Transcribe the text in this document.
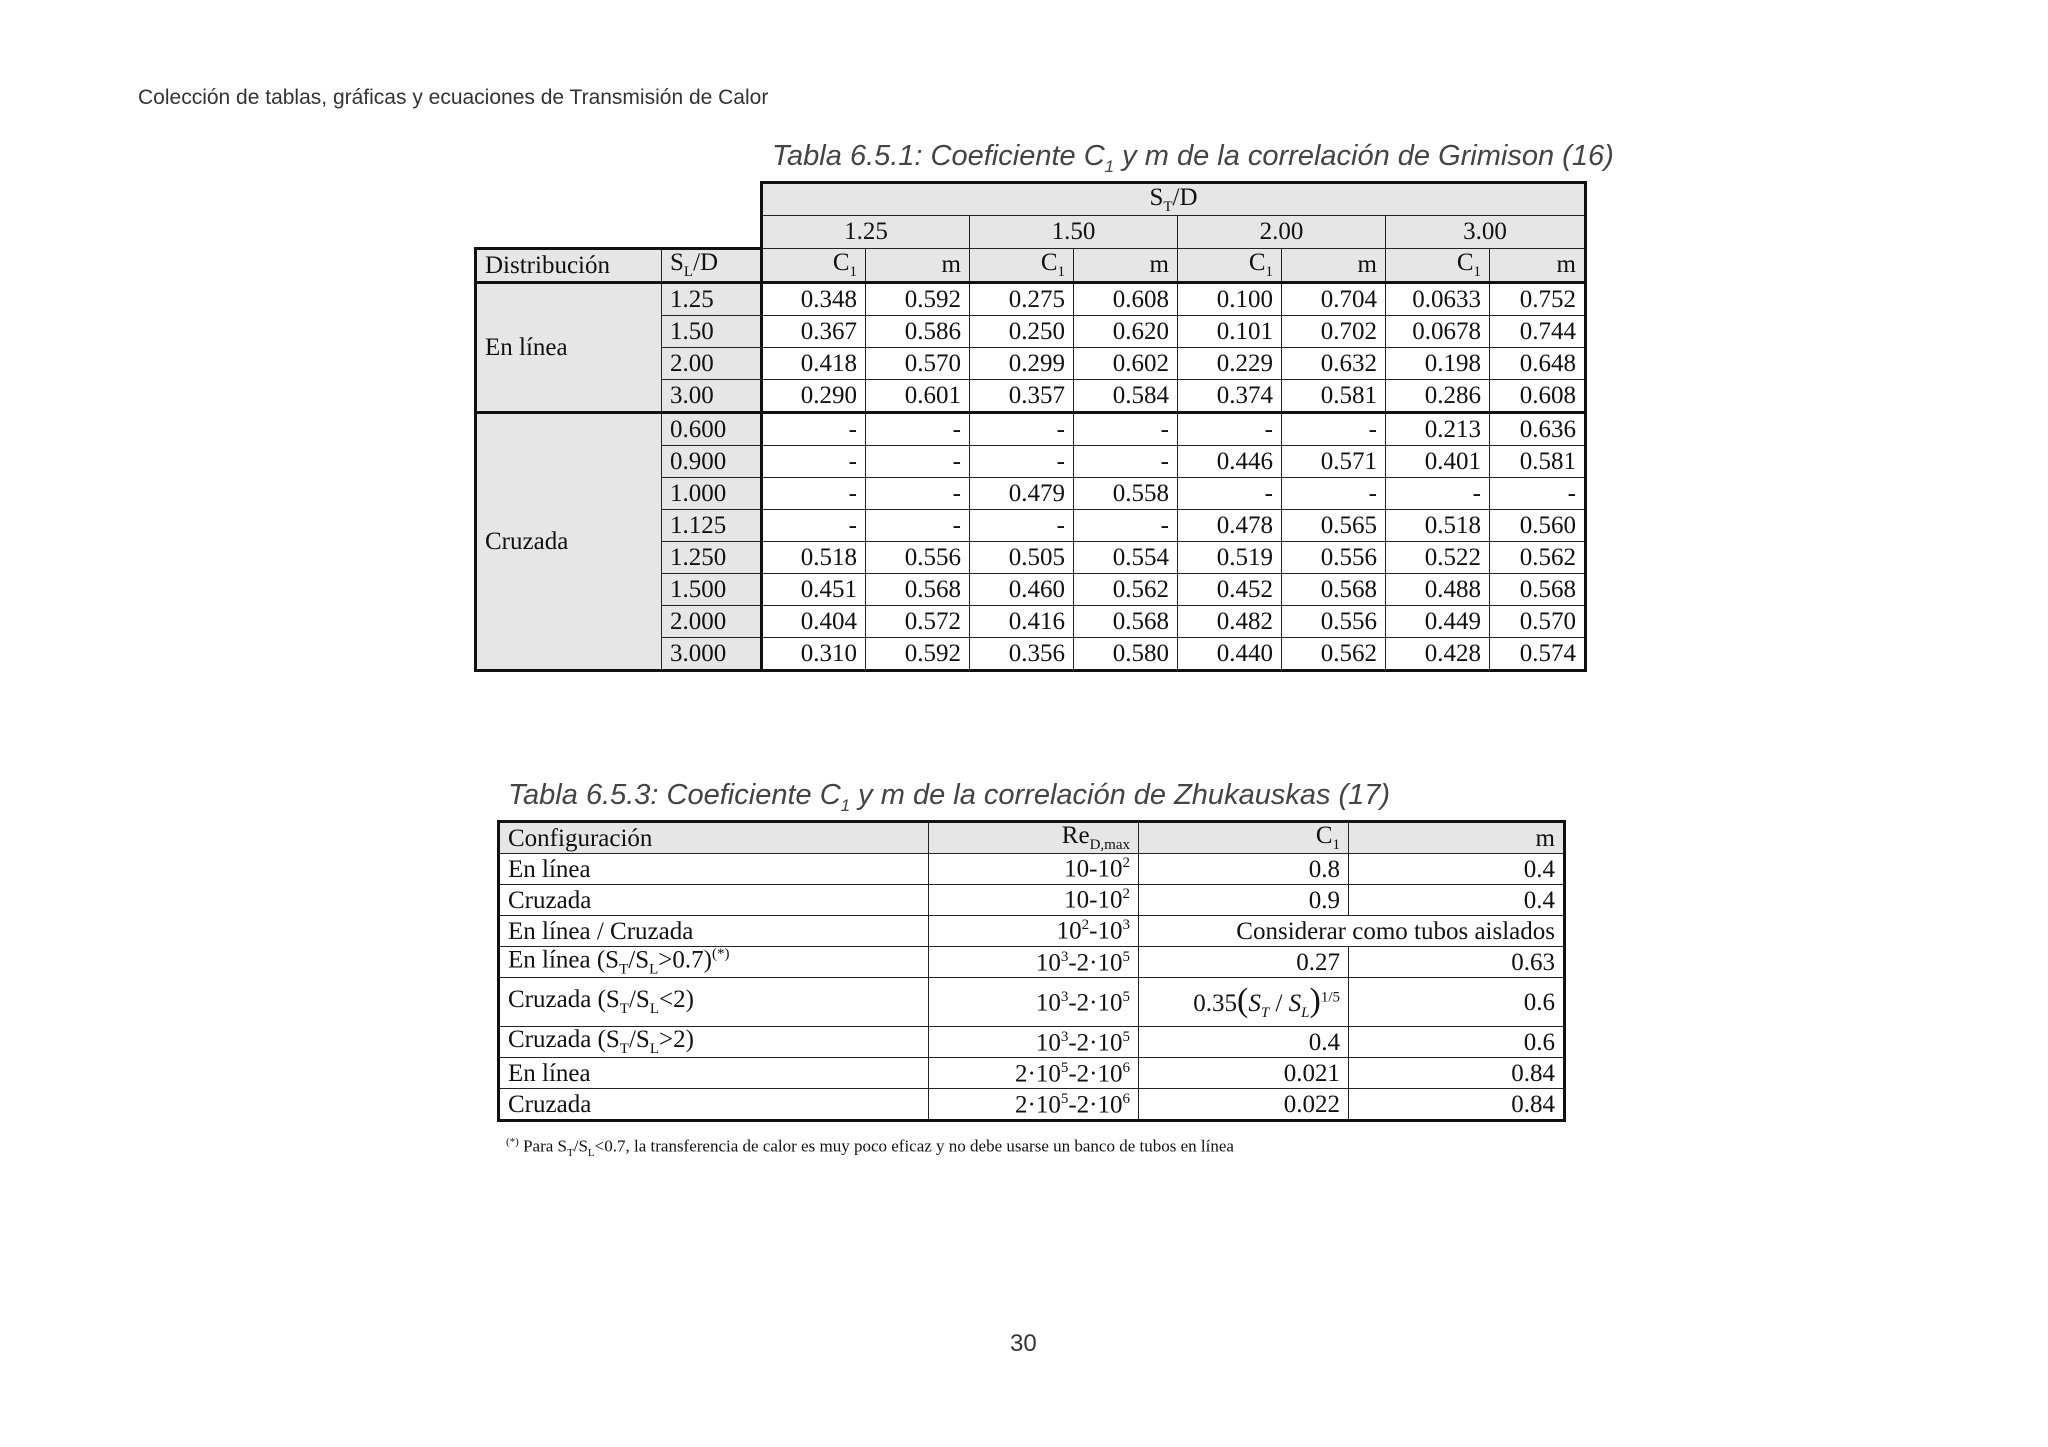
Colección de tablas, gráficas y ecuaciones de Transmisión de Calor
Tabla 6.5.1: Coeficiente $C_1$ y m de la correlación de Grimison (16)
		$S_T/D$							
		1.25		1.50		2.00		3.00	
Distribución	$S_L/D$	$C_1$	m	$C_1$	m	$C_1$	m	$C_1$	m
En línea	1.25	0.348	0.592	0.275	0.608	0.100	0.704	0.0633	0.752
	1.50	0.367	0.586	0.250	0.620	0.101	0.702	0.0678	0.744
	2.00	0.418	0.570	0.299	0.602	0.229	0.632	0.198	0.648
	3.00	0.290	0.601	0.357	0.584	0.374	0.581	0.286	0.608
Cruzada	0.600	-	-	-	-	-	-	0.213	0.636
	0.900	-	-	-	-	0.446	0.571	0.401	0.581
	1.000	-	-	0.479	0.558	-	-	-	-
	1.125	-	-	-	-	0.478	0.565	0.518	0.560
	1.250	0.518	0.556	0.505	0.554	0.519	0.556	0.522	0.562
	1.500	0.451	0.568	0.460	0.562	0.452	0.568	0.488	0.568
	2.000	0.404	0.572	0.416	0.568	0.482	0.556	0.449	0.570
	3.000	0.310	0.592	0.356	0.580	0.440	0.562	0.428	0.574
Tabla 6.5.3: Coeficiente $C_1$ y m de la correlación de Zhukauskas (17)
Configuración	$Re_{D,max}$	$C_1$	m
En línea	$10-10^2$	0.8	0.4
Cruzada	$10-10^2$	0.9	0.4
En línea / Cruzada	$10^2-10^3$	Considerar como tubos aislados	
En línea $(S_T/S_L>0.7)^{(*)}$	$10^3-2\cdot 10^5$	0.27	0.63
Cruzada $(S_T/S_L<2)$	$10^3-2\cdot 10^5$	$0.35(S_T / S_L)^{1/5}$	0.6
Cruzada $(S_T/S_L>2)$	$10^3-2\cdot 10^5$	0.4	0.6
En línea	$2\cdot 10^5-2\cdot 10^6$	0.021	0.84
Cruzada	$2\cdot 10^5-2\cdot 10^6$	0.022	0.84
(*) Para $S_T/S_L<0.7$, la transferencia de calor es muy poco eficaz y no debe usarse un banco de tubos en línea
30
